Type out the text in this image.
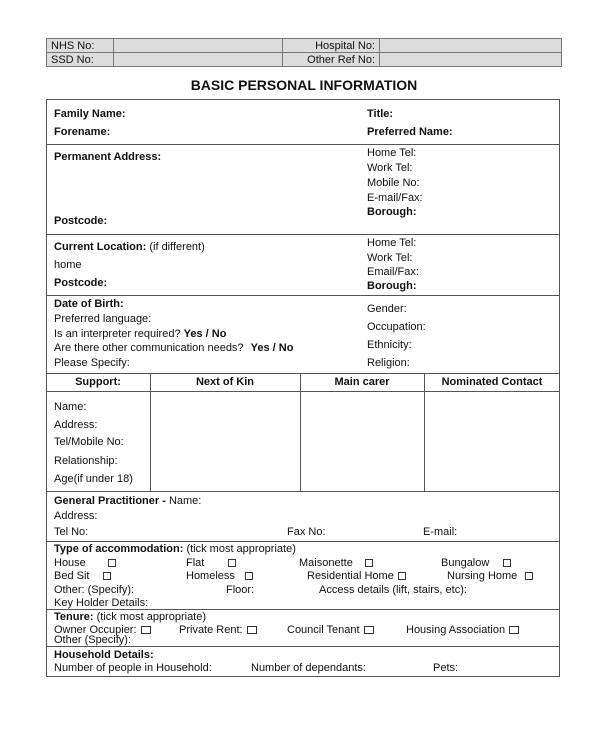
NHS No:		Hospital No:	
SSD No:		Other Ref No:	
BASIC PERSONAL INFORMATION
Family Name:
Forename:
Title:
Preferred Name:
Permanent Address:
Postcode:
Home Tel:
Work Tel:
Mobile No:
E-mail/Fax:
Borough:
Current Location: (if different)
home
Postcode:
Home Tel:
Work Tel:
Email/Fax:
Borough:
Date of Birth:
Preferred language:
Is an interpreter required? Yes / No
Are there other communication needs? Yes / No
Please Specify:
Gender:
Occupation:
Ethnicity:
Religion:
Support:	Next of Kin	Main carer	Nominated Contact
Name:
Address:
Tel/Mobile No:
Relationship:
Age(if under 18)
General Practitioner - Name:
Address:
Tel No:	Fax No:	E-mail:
Type of accommodation: (tick most appropriate)
House	Flat	Maisonette	Bungalow
Bed Sit	Homeless	Residential Home	Nursing Home
Other: (Specify):	Floor:	Access details (lift, stairs, etc):
Key Holder Details:
Tenure: (tick most appropriate)
Owner Occupier:	Private Rent:	Council Tenant	Housing Association
Other (Specify):
Household Details:
Number of people in Household:	Number of dependants:	Pets:
